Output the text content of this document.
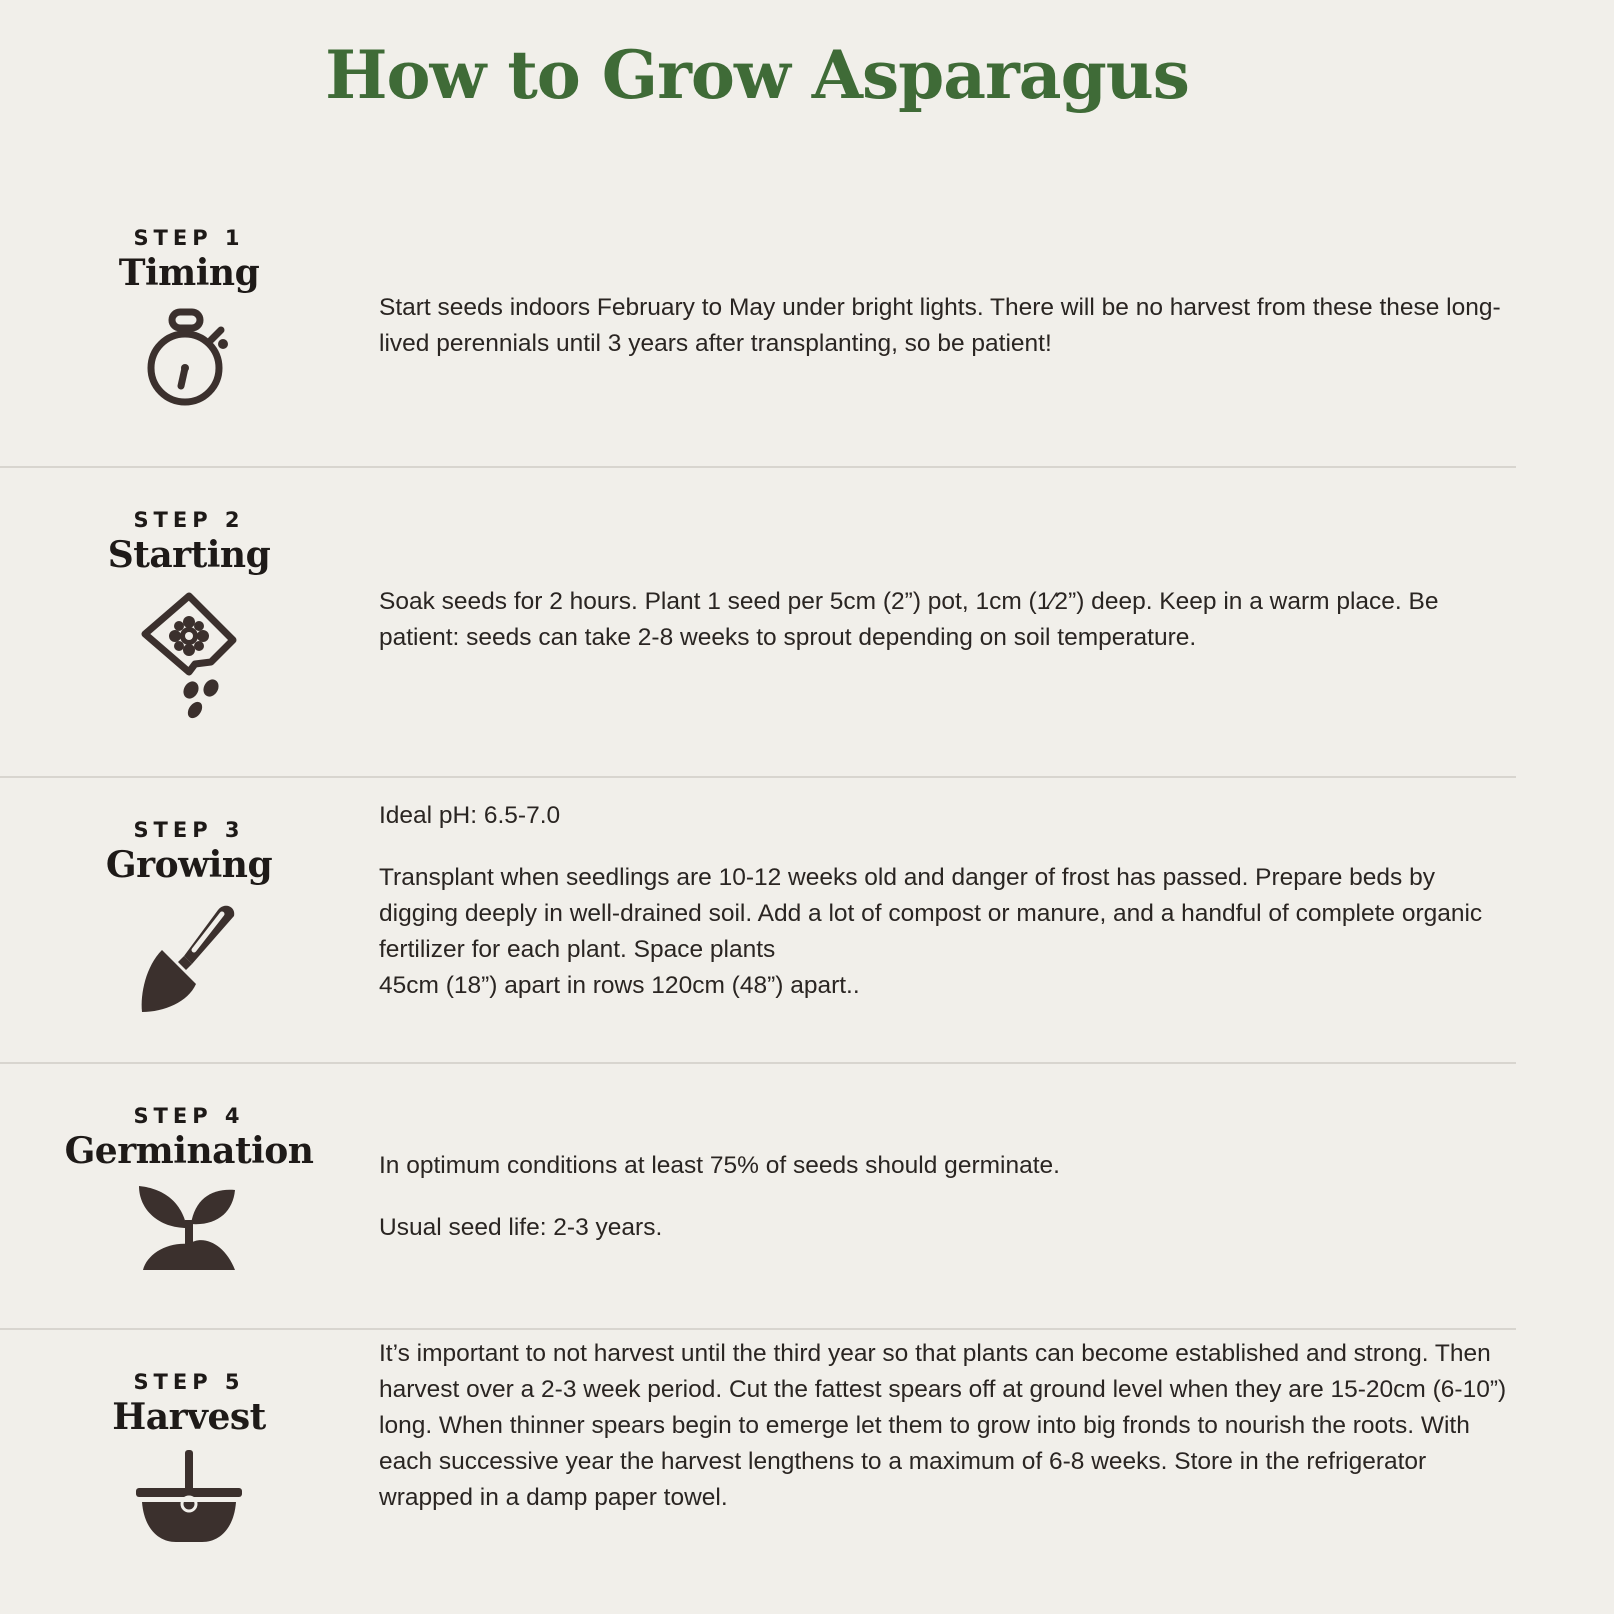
How to Grow Asparagus
STEP 1
Timing

Start seeds indoors February to May under bright lights. There will be no harvest from these these long-lived perennials until 3 years after transplanting, so be patient!

STEP 2
Starting

Soak seeds for 2 hours. Plant 1 seed per 5cm (2”) pot, 1cm (1⁄2”) deep. Keep in a warm place. Be patient: seeds can take 2-8 weeks to sprout depending on soil temperature.

STEP 3
Growing

Ideal pH: 6.5-7.0

Transplant when seedlings are 10-12 weeks old and danger of frost has passed. Prepare beds by digging deeply in well-drained soil. Add a lot of compost or manure, and a handful of complete organic fertilizer for each plant. Space plants

45cm (18”) apart in rows 120cm (48”) apart..

STEP 4
Germination	In optimum conditions at least 75% of seeds should germinate.

Usual seed life: 2-3 years.

STEP 5
Harvest

It’s important to not harvest until the third year so that plants can become established and strong. Then harvest over a 2-3 week period. Cut the fattest spears off at ground level when they are 15-20cm (6-10”) long. When thinner spears begin to emerge let them to grow into big fronds to nourish the roots. With each successive year the harvest lengthens to a maximum of 6-8 weeks. Store in the refrigerator wrapped in a damp paper towel.
